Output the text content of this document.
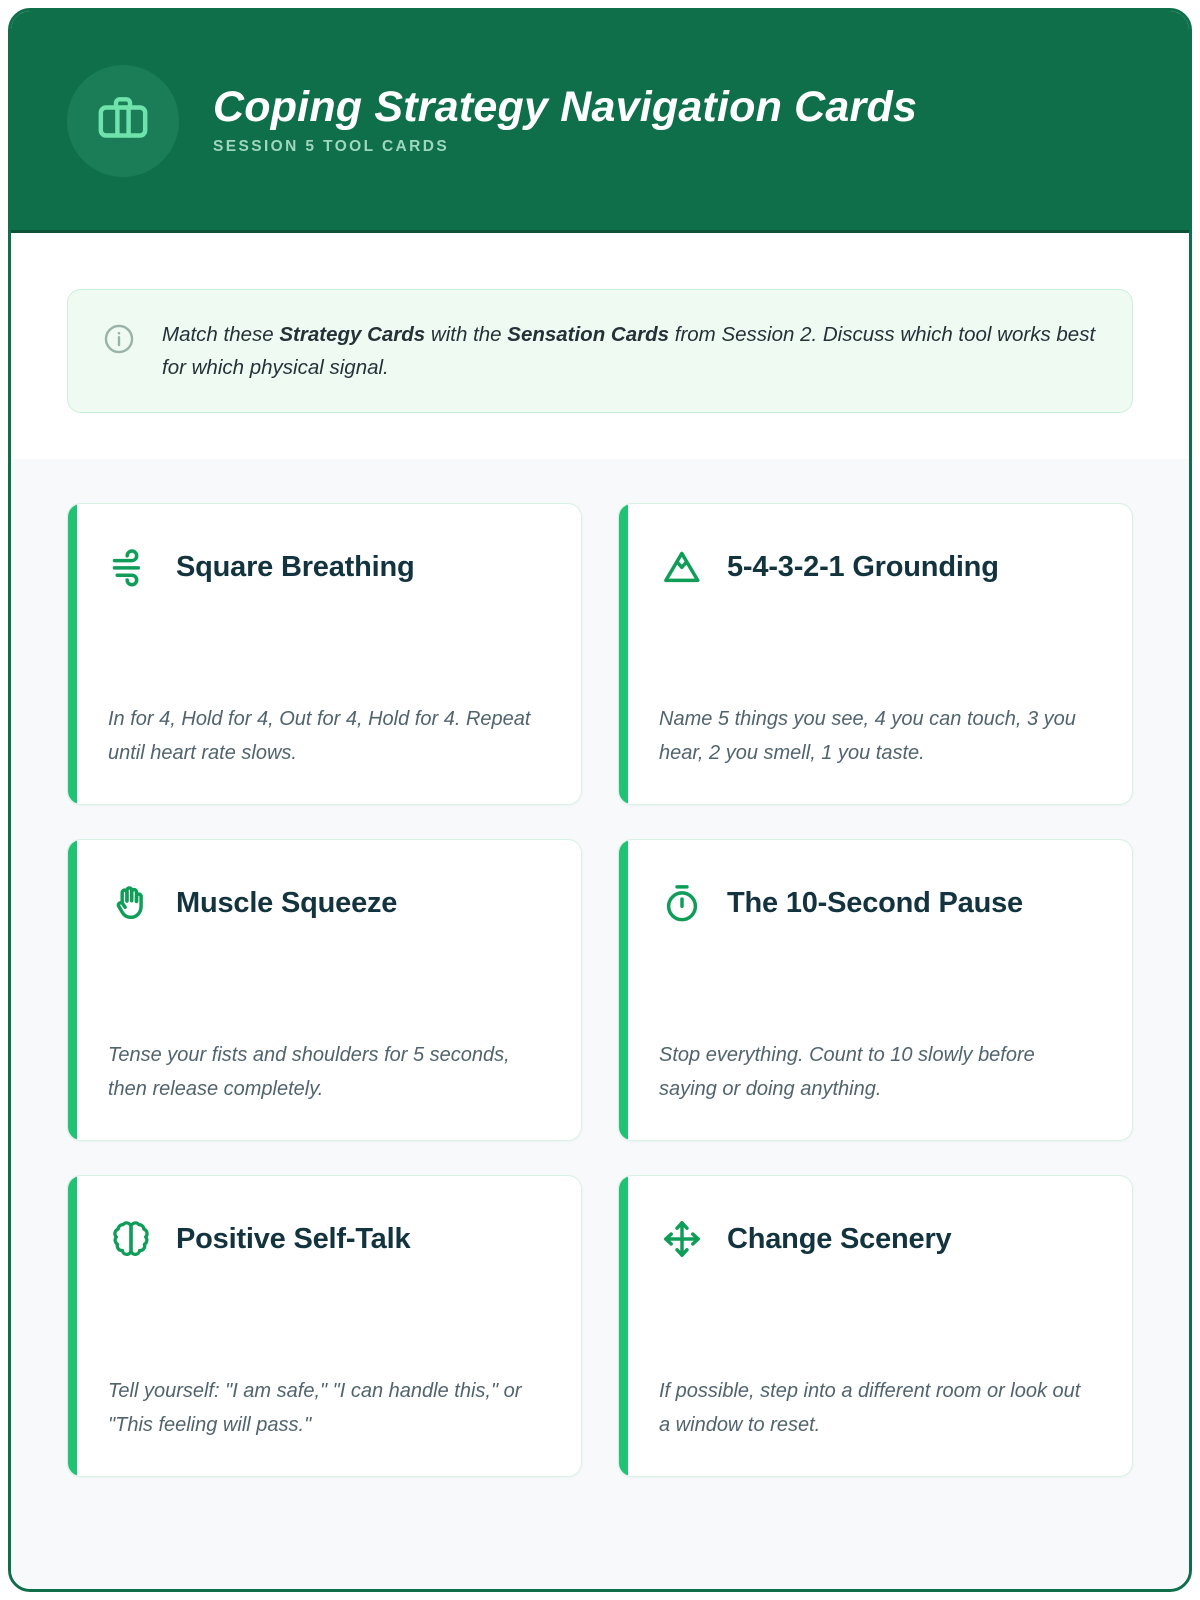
Coping Strategy Navigation Cards
SESSION 5 TOOL CARDS
Match these Strategy Cards with the Sensation Cards from Session 2. Discuss which tool works best for which physical signal.
Square Breathing
In for 4, Hold for 4, Out for 4, Hold for 4. Repeat until heart rate slows.
5-4-3-2-1 Grounding
Name 5 things you see, 4 you can touch, 3 you hear, 2 you smell, 1 you taste.
Muscle Squeeze
Tense your fists and shoulders for 5 seconds, then release completely.
The 10-Second Pause
Stop everything. Count to 10 slowly before saying or doing anything.
Positive Self-Talk
Tell yourself: "I am safe," "I can handle this," or "This feeling will pass."
Change Scenery
If possible, step into a different room or look out a window to reset.
